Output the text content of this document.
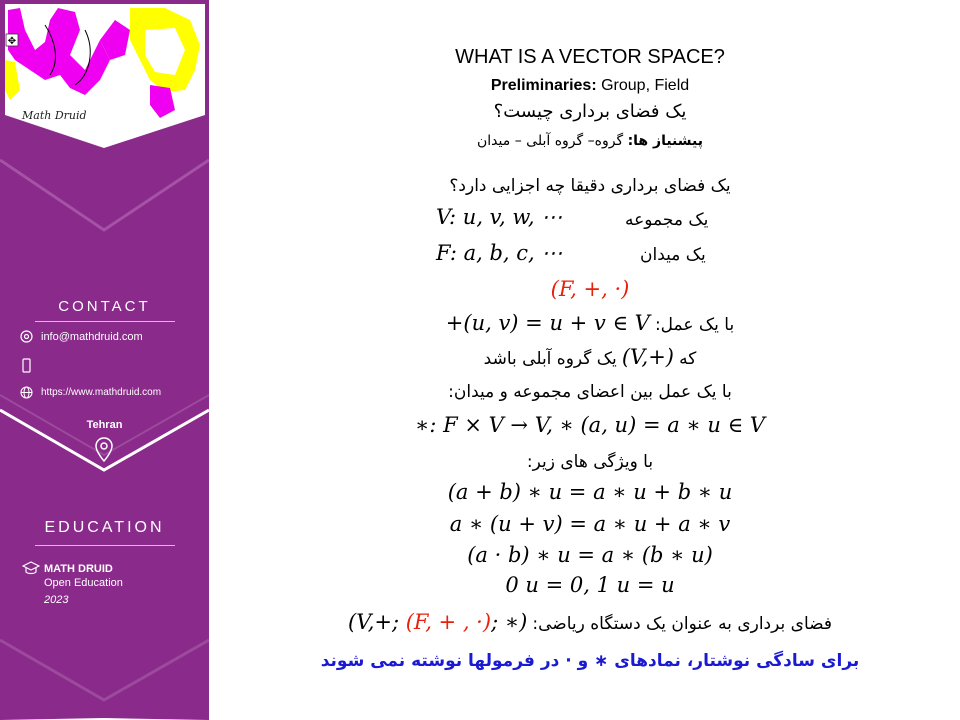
✥
Math Druid
CONTACT
info@mathdruid.com
https://www.mathdruid.com
Tehran
EDUCATION
MATH DRUID
Open Education
2023
WHAT IS A VECTOR SPACE?
Preliminaries: Group, Field
یک فضای برداری چیست؟
پیشنیاز ها: گروه– گروه آبلی – میدان
یک فضای برداری دقیقا چه اجزایی دارد؟
V: u, v, w, ⋯	یک مجموعه
F: a, b, c, ⋯	یک میدان
(F, +, ·)
+(u, v) = u + v ∈ V با یک عمل:
که (V,+) یک گروه آبلی باشد
با یک عمل بین اعضای مجموعه و میدان:
∗: F × V → V, ∗ (a, u) = a ∗ u ∈ V
با ویژگی های زیر:
(a + b) ∗ u = a ∗ u + b ∗ u
a ∗ (u + v) = a ∗ u + a ∗ v
(a · b) ∗ u = a ∗ (b ∗ u)
0 u = 0, 1 u = u
فضای برداری به عنوان یک دستگاه ریاضی: (V,+; (F, + , ·); ∗)
برای سادگی نوشتار، نمادهای ∗ و · در فرمولها نوشته نمی شوند
